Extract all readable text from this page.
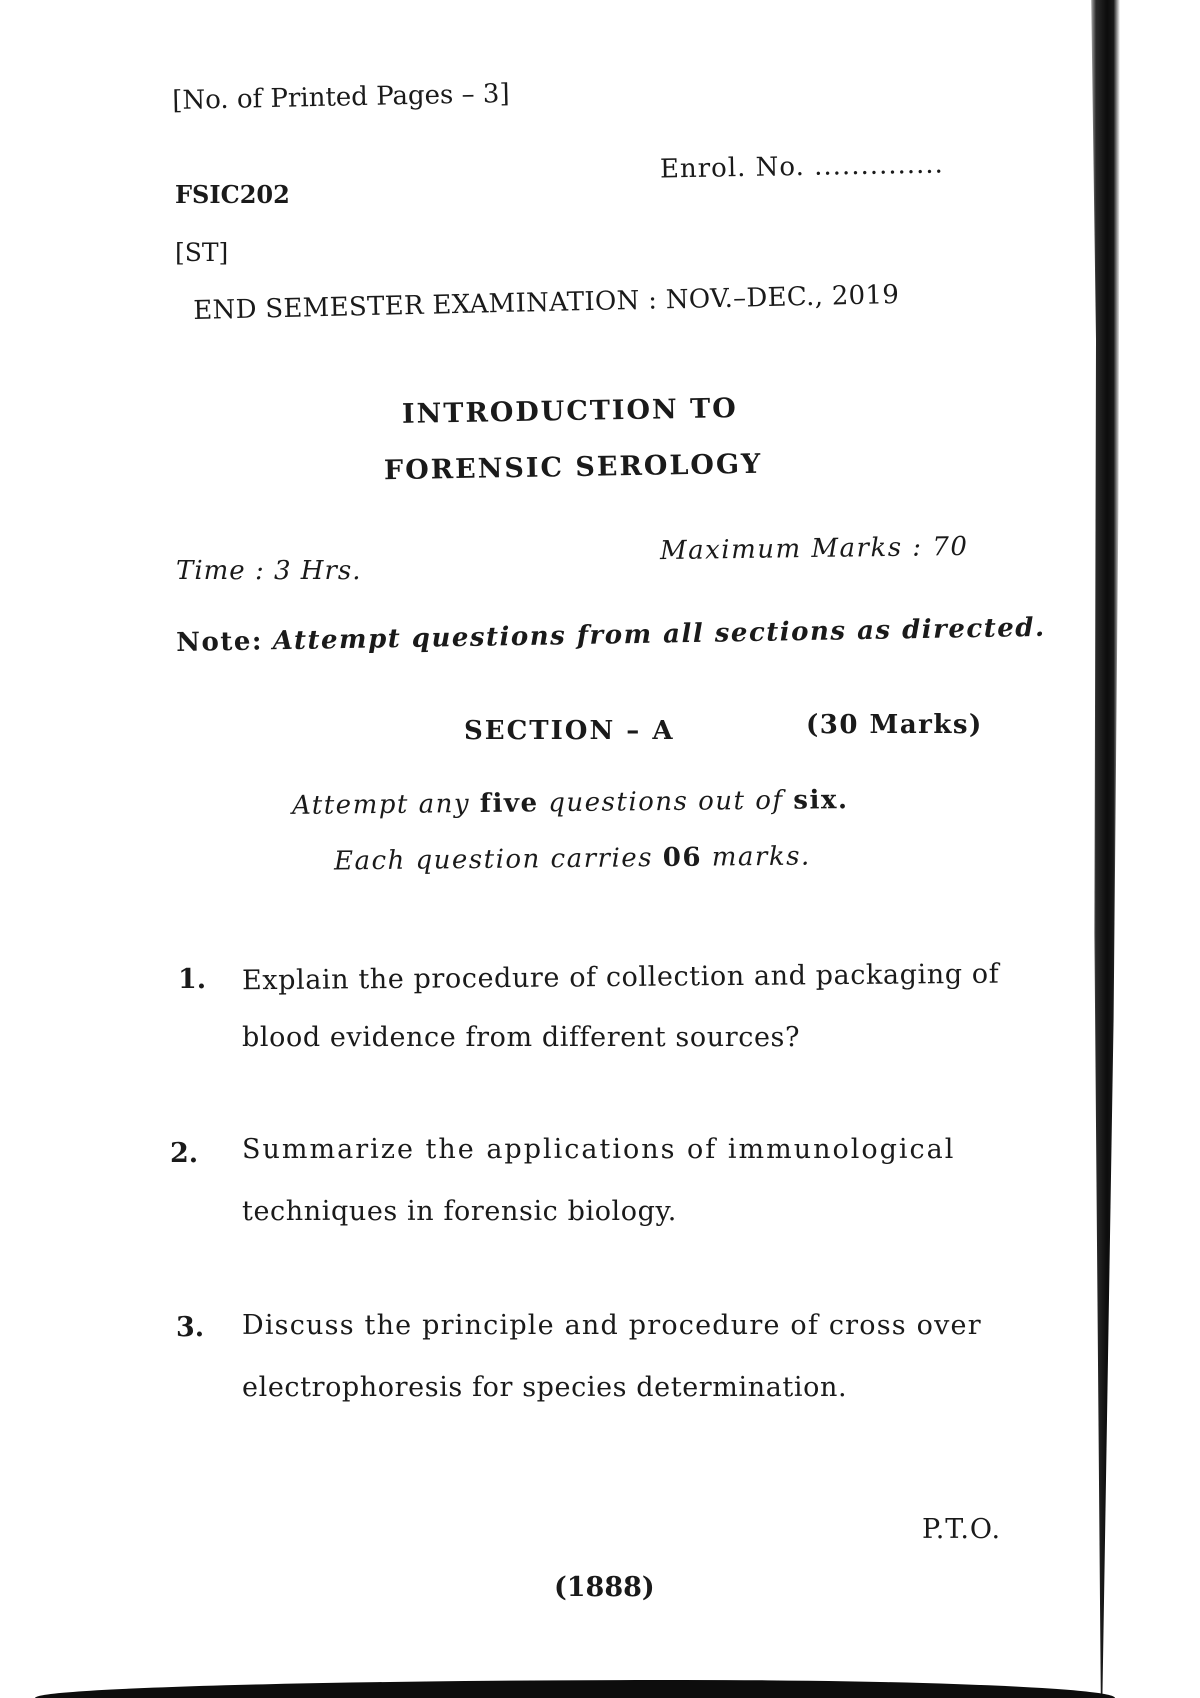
[No. of Printed Pages – 3]
Enrol. No. ..............
FSIC202
[ST]
END SEMESTER EXAMINATION : NOV.–DEC., 2019
INTRODUCTION TO
FORENSIC SEROLOGY
Time : 3 Hrs.
Maximum Marks : 70
Note: Attempt questions from all sections as directed.
SECTION – A	(30 Marks)
Attempt any five questions out of six.
Each question carries 06 marks.
1. Explain the procedure of collection and packaging of
blood evidence from different sources?
2. Summarize the applications of immunological
techniques in forensic biology.
3. Discuss the principle and procedure of cross over
electrophoresis for species determination.
P.T.O.
(1888)
